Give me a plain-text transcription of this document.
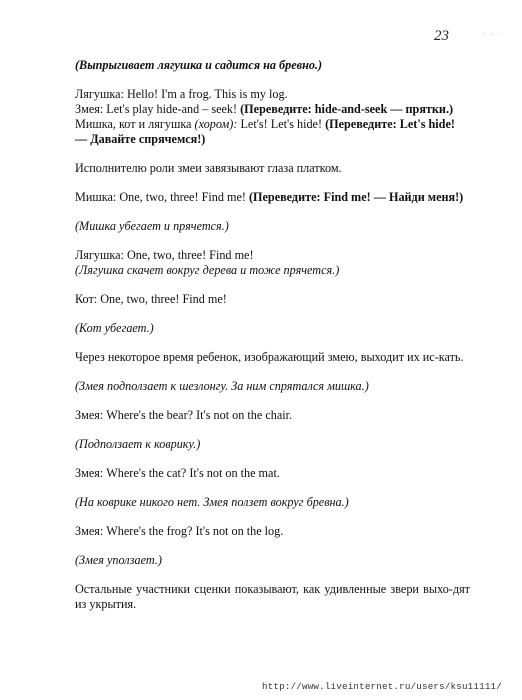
23	· · ·

(Выпрыгивает лягушка и садится на бревно.)

Лягушка: Hello! I'm a frog. This is my log.

Змея: Let's play hide-and – seek! (Переведите: hide-and-seek — прятки.)

Мишка, кот и лягушка (хором): Let's! Let's hide! (Переведите: Let's hide! — Давайте спрячемся!)

Исполнителю роли змеи завязывают глаза платком.

Мишка: One, two, three! Find me! (Переведите: Find me! — Найди меня!)

(Мишка убегает и прячется.)

Лягушка: One, two, three! Find me!

(Лягушка скачет вокруг дерева и тоже прячется.)

Кот: One, two, three! Find me!

(Кот убегает.)

Через некоторое время ребенок, изображающий змею, выходит их ис-кать.

(Змея подползает к шезлонгу. За ним спрятался мишка.)

Змея: Where's the bear? It's not on the chair.

(Подползает к коврику.)

Змея: Where's the cat? It's not on the mat.

(На коврике никого нет. Змея ползет вокруг бревна.)

Змея: Where's the frog? It's not on the log.

(Змея уползает.)

Остальные участники сценки показывают, как удивленные звери выхо-дят из укрытия.

http://www.liveinternet.ru/users/ksu11111/
